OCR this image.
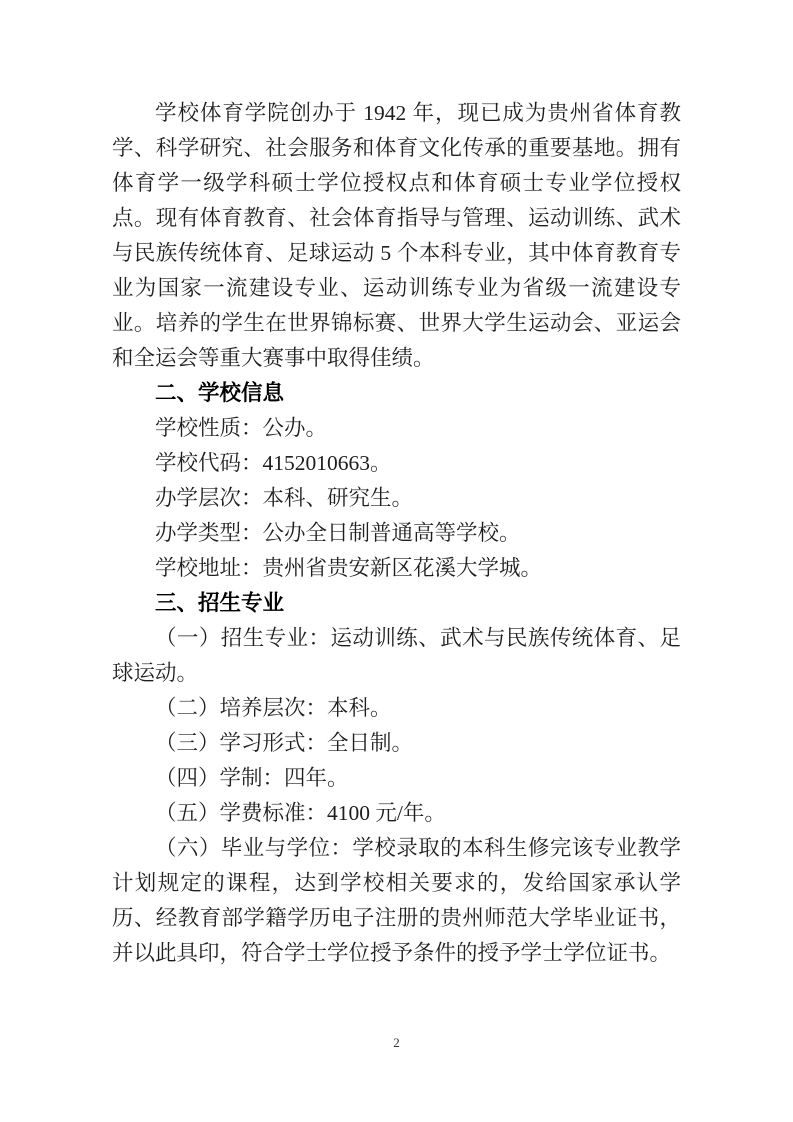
学校体育学院创办于 1942 年，现已成为贵州省体育教学、科学研究、社会服务和体育文化传承的重要基地。拥有体育学一级学科硕士学位授权点和体育硕士专业学位授权点。现有体育教育、社会体育指导与管理、运动训练、武术与民族传统体育、足球运动 5 个本科专业，其中体育教育专业为国家一流建设专业、运动训练专业为省级一流建设专业。培养的学生在世界锦标赛、世界大学生运动会、亚运会和全运会等重大赛事中取得佳绩。

二、学校信息

学校性质：公办。

学校代码：4152010663。

办学层次：本科、研究生。

办学类型：公办全日制普通高等学校。

学校地址：贵州省贵安新区花溪大学城。

三、招生专业

（一）招生专业：运动训练、武术与民族传统体育、足球运动。

（二）培养层次：本科。

（三）学习形式：全日制。

（四）学制：四年。

（五）学费标准：4100 元/年。

（六）毕业与学位：学校录取的本科生修完该专业教学计划规定的课程，达到学校相关要求的，发给国家承认学历、经教育部学籍学历电子注册的贵州师范大学毕业证书，并以此具印，符合学士学位授予条件的授予学士学位证书。

2
